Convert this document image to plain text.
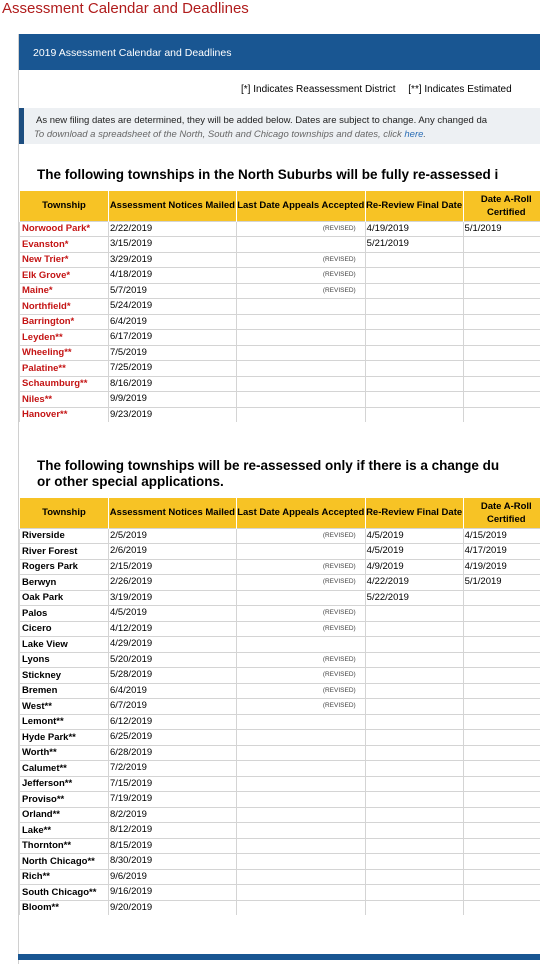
Assessment Calendar and Deadlines
2019 Assessment Calendar and Deadlines
[*] Indicates Reassessment District [**] Indicates Estimated
As new filing dates are determined, they will be added below. Dates are subject to change. Any changed da
To download a spreadsheet of the North, South and Chicago townships and dates, click here.
The following townships in the North Suburbs will be fully re-assessed i
Township	Assessment Notices Mailed	Last Date Appeals Accepted	Re-Review Final Date	Date A-Roll Certified
Norwood Park*	2/22/2019	(REVISED)	4/19/2019	5/1/2019
Evanston*	3/15/2019		5/21/2019	
New Trier*	3/29/2019	(REVISED)		

Elk Grove*	4/18/2019	(REVISED)		

Maine*	5/7/2019	(REVISED)		

Northfield*	5/24/2019	

Barrington*	6/4/2019	

Leyden**	6/17/2019	

Wheeling**	7/5/2019	

Palatine**	7/25/2019	

Schaumburg**	8/16/2019	

Niles**	9/9/2019	

Hanover**	9/23/2019	

The following townships will be re-assessed only if there is a change du
or other special applications.
Township	Assessment Notices Mailed	Last Date Appeals Accepted	Re-Review Final Date	Date A-Roll Certified
Riverside	2/5/2019	(REVISED)	4/5/2019	4/15/2019
River Forest	2/6/2019		4/5/2019	4/17/2019
Rogers Park	2/15/2019	(REVISED)	4/9/2019	4/19/2019
Berwyn	2/26/2019	(REVISED)	4/22/2019	5/1/2019
Oak Park	3/19/2019		5/22/2019	
Palos	4/5/2019	(REVISED)		

Cicero	4/12/2019	(REVISED)		

Lake View	4/29/2019	

Lyons	5/20/2019	(REVISED)		

Stickney	5/28/2019	(REVISED)		

Bremen	6/4/2019	(REVISED)		

West**	6/7/2019	(REVISED)		

Lemont**	6/12/2019	

Hyde Park**	6/25/2019	

Worth**	6/28/2019	

Calumet**	7/2/2019	

Jefferson**	7/15/2019	

Proviso**	7/19/2019	

Orland**	8/2/2019	

Lake**	8/12/2019	

Thornton**	8/15/2019	

North Chicago**	8/30/2019	

Rich**	9/6/2019	

South Chicago**	9/16/2019	

Bloom**	9/20/2019	
